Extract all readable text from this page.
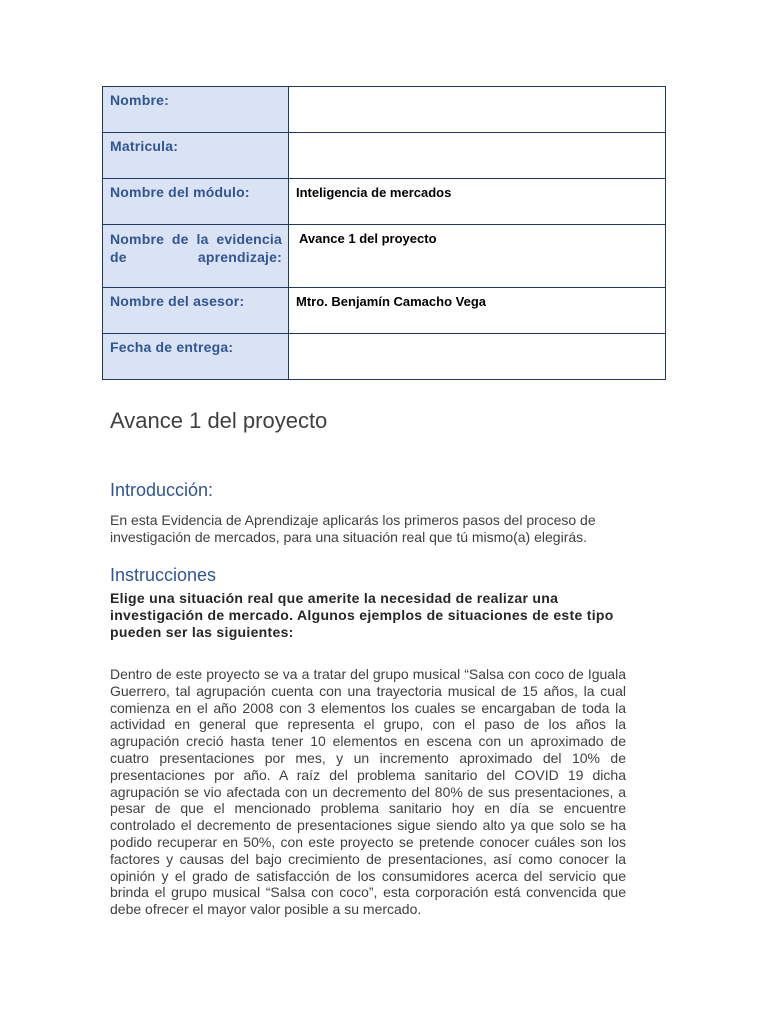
Nombre:	
Matricula:	
Nombre del módulo:	Inteligencia de mercados

Nombre de la evidencia de aprendizaje:	Avance 1 del proyecto
Nombre del asesor:	Mtro. Benjamín Camacho Vega
Fecha de entrega:	
Avance 1 del proyecto
Introducción:

En esta Evidencia de Aprendizaje aplicarás los primeros pasos del proceso de investigación de mercados, para una situación real que tú mismo(a) elegirás.

Instrucciones

Elige una situación real que amerite la necesidad de realizar una investigación de mercado. Algunos ejemplos de situaciones de este tipo pueden ser las siguientes:

Dentro de este proyecto se va a tratar del grupo musical “Salsa con coco de Iguala Guerrero, tal agrupación cuenta con una trayectoria musical de 15 años, la cual comienza en el año 2008 con 3 elementos los cuales se encargaban de toda la actividad en general que representa el grupo, con el paso de los años la agrupación creció hasta tener 10 elementos en escena con un aproximado de cuatro presentaciones por mes, y un incremento aproximado del 10% de presentaciones por año. A raíz del problema sanitario del COVID 19 dicha agrupación se vio afectada con un decremento del 80% de sus presentaciones, a pesar de que el mencionado problema sanitario hoy en día se encuentre controlado el decremento de presentaciones sigue siendo alto ya que solo se ha podido recuperar en 50%, con este proyecto se pretende conocer cuáles son los factores y causas del bajo crecimiento de presentaciones, así como conocer la opinión y el grado de satisfacción de los consumidores acerca del servicio que brinda el grupo musical “Salsa con coco”, esta corporación está convencida que debe ofrecer el mayor valor posible a su mercado.
